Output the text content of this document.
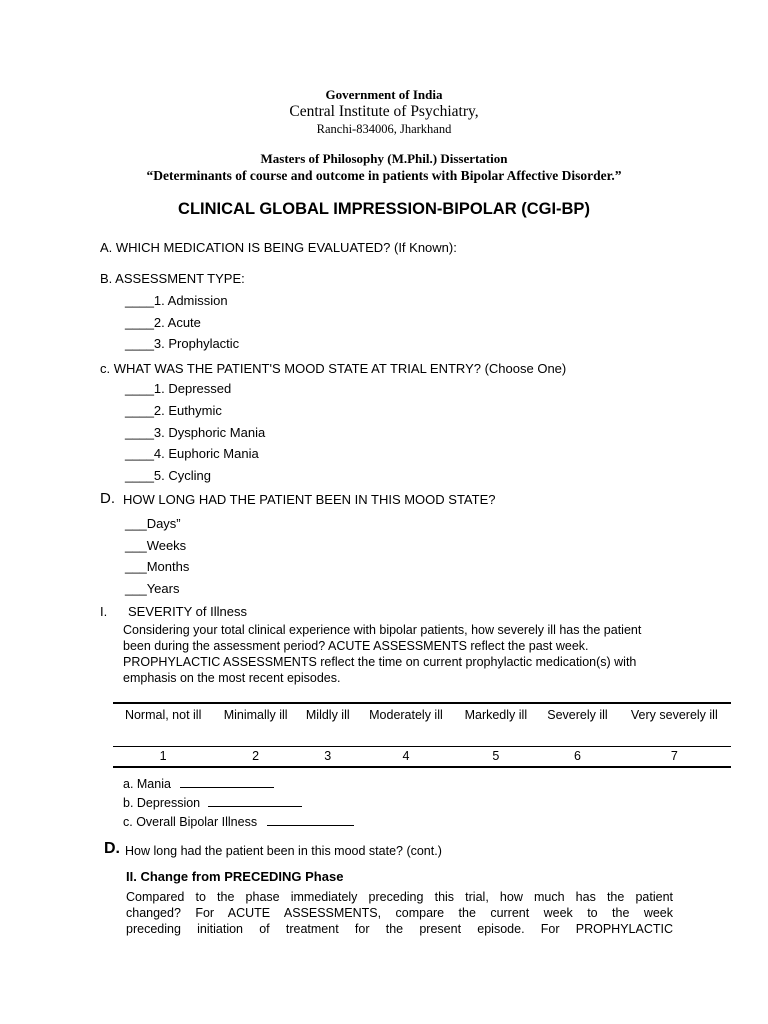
Government of India
Central Institute of Psychiatry,
Ranchi-834006, Jharkhand
Masters of Philosophy (M.Phil.) Dissertation
“Determinants of course and outcome in patients with Bipolar Affective Disorder.”
CLINICAL GLOBAL IMPRESSION-BIPOLAR (CGI-BP)
A. WHICH MEDICATION IS BEING EVALUATED? (If Known):
B. ASSESSMENT TYPE:
____1. Admission
____2. Acute
____3. Prophylactic
c. WHAT WAS THE PATIENT'S MOOD STATE AT TRIAL ENTRY? (Choose One)
____1. Depressed
____2. Euthymic
____3. Dysphoric Mania
____4. Euphoric Mania
____5. Cycling
D. HOW LONG HAD THE PATIENT BEEN IN THIS MOOD STATE?
___Days”
___Weeks
___Months
___Years
I. SEVERITY of Illness
Considering your total clinical experience with bipolar patients, how severely ill has the patient been during the assessment period? ACUTE ASSESSMENTS reflect the past week. PROPHYLACTIC ASSESSMENTS reflect the time on current prophylactic medication(s) with emphasis on the most recent episodes.
Normal, not ill	Minimally ill	Mildly ill	Moderately ill	Markedly ill	Severely ill	Very severely ill
1	2	3	4	5	6	7
a. Mania
b. Depression
c. Overall Bipolar Illness
D. How long had the patient been in this mood state? (cont.)
II. Change from PRECEDING Phase
Compared to the phase immediately preceding this trial, how much has the patient
changed? For ACUTE ASSESSMENTS, compare the current week to the week
preceding initiation of treatment for the present episode. For PROPHYLACTIC
